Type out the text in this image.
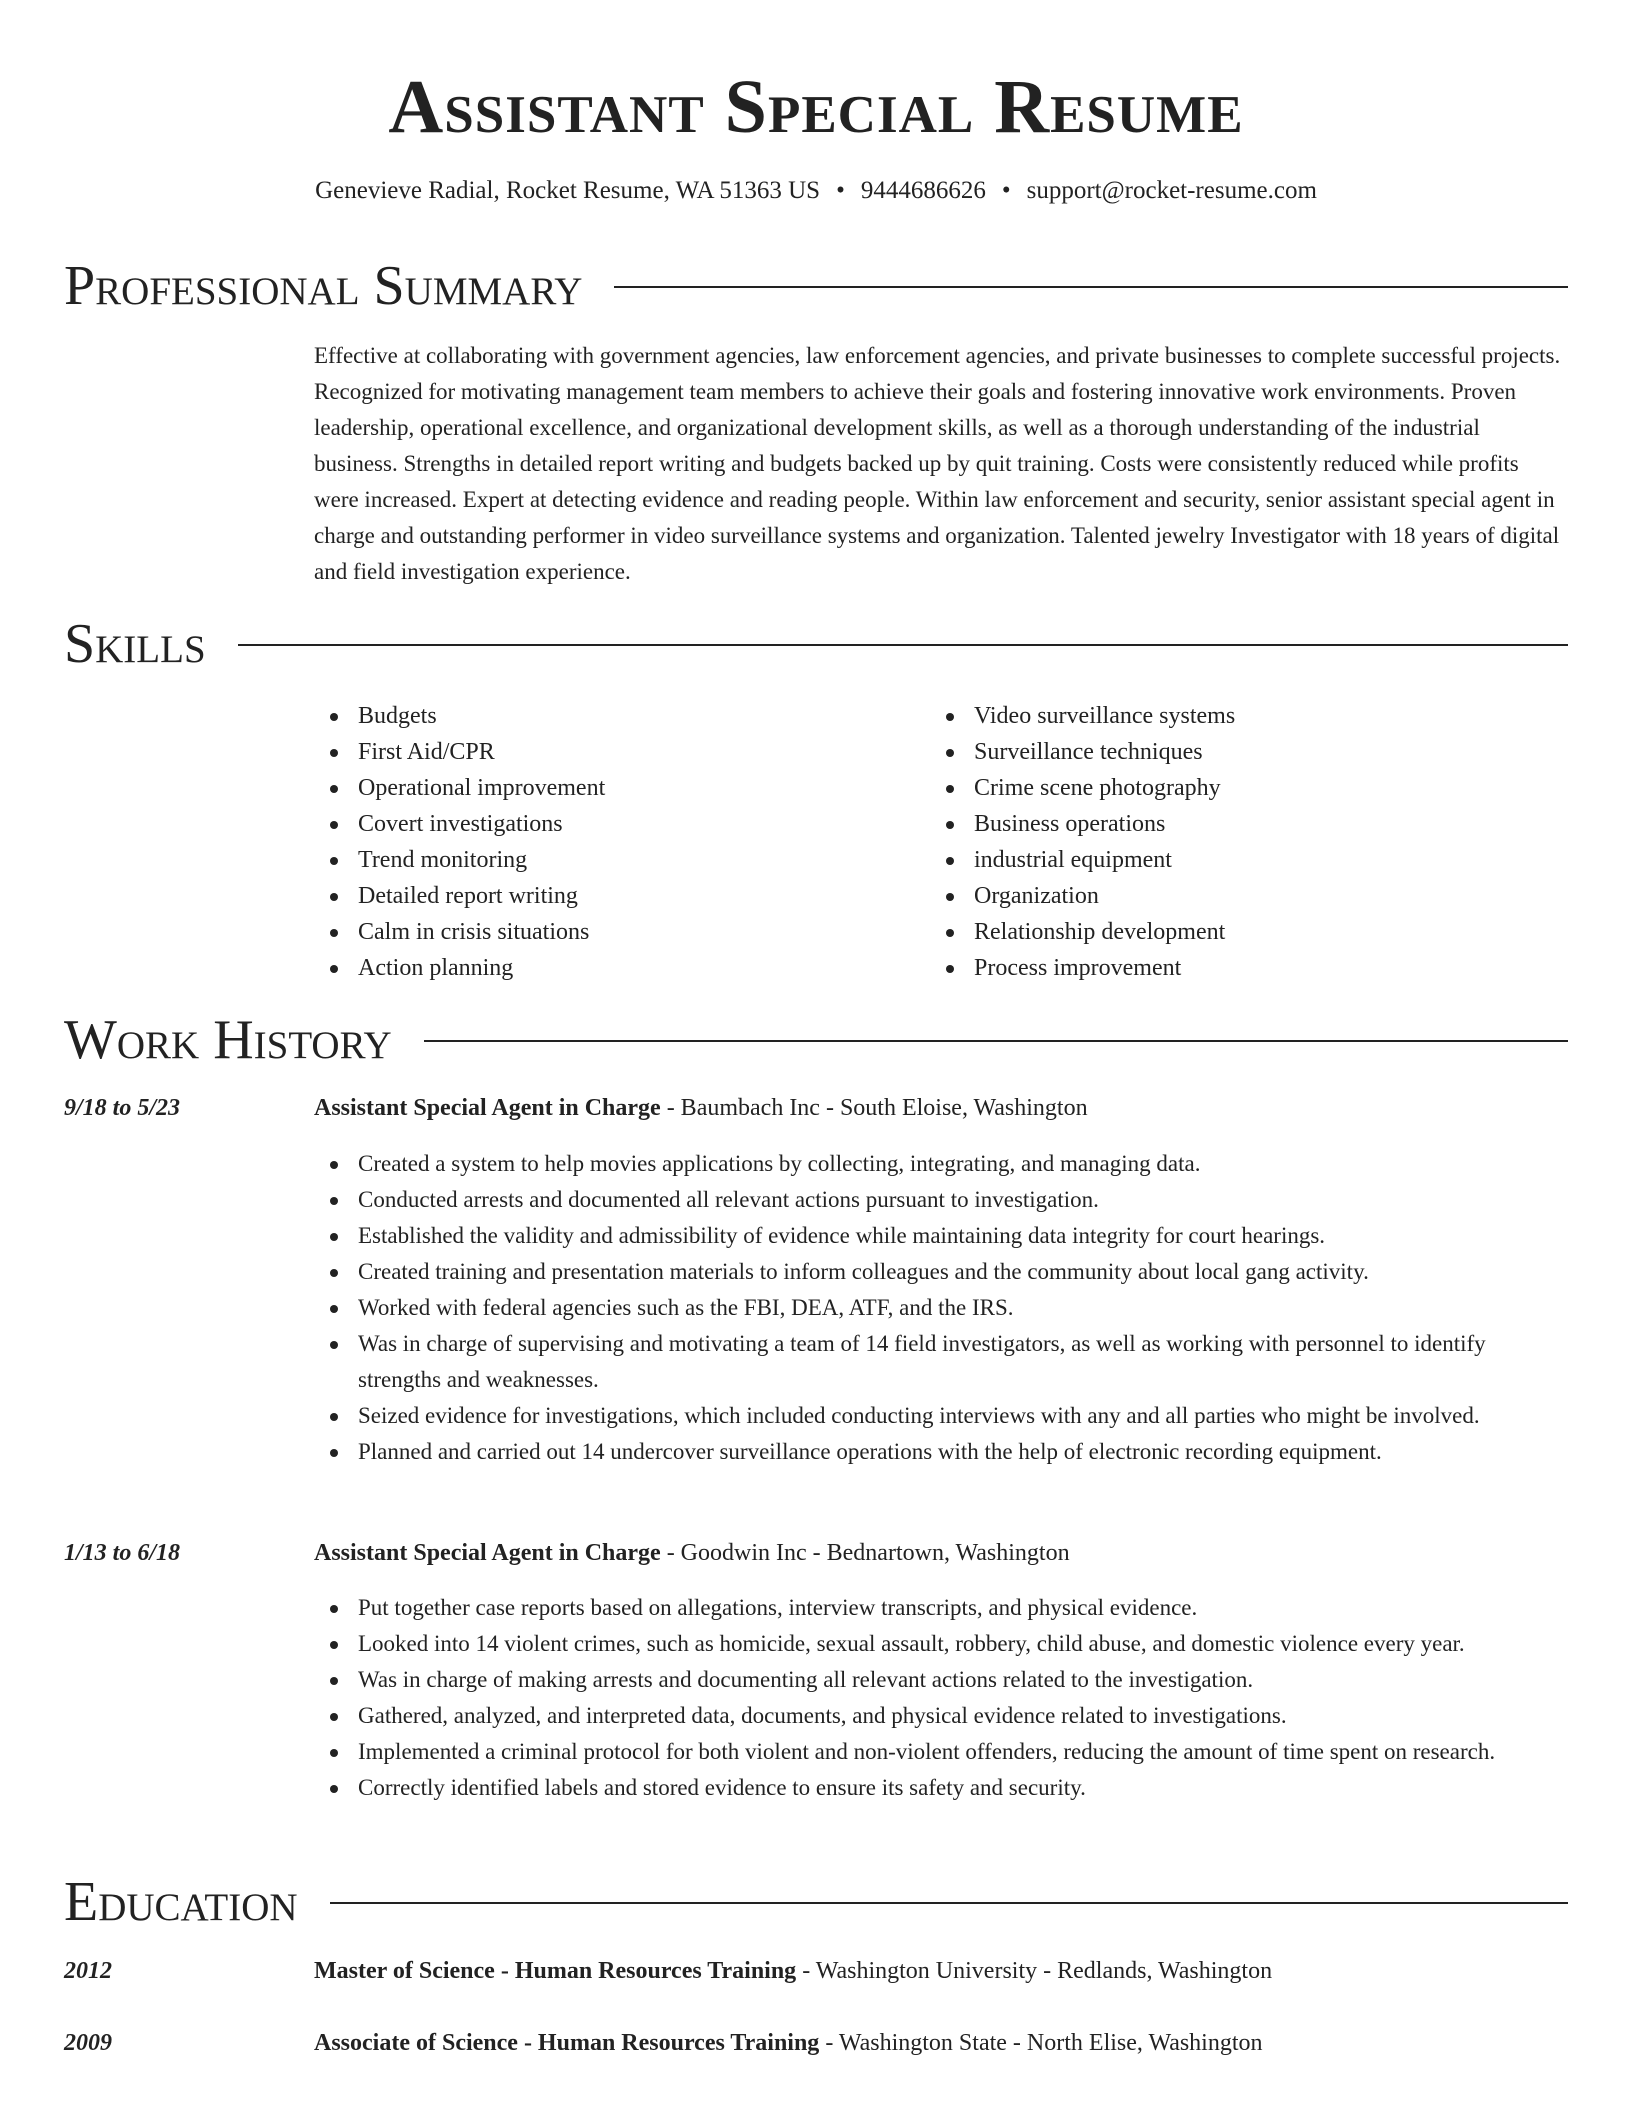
Assistant Special Resume
Genevieve Radial, Rocket Resume, WA 51363 US • 9444686626 • support@rocket-resume.com
Professional Summary

Effective at collaborating with government agencies, law enforcement agencies, and private businesses to complete successful projects. Recognized for motivating management team members to achieve their goals and fostering innovative work environments. Proven leadership, operational excellence, and organizational development skills, as well as a thorough understanding of the industrial business. Strengths in detailed report writing and budgets backed up by quit training. Costs were consistently reduced while profits were increased. Expert at detecting evidence and reading people. Within law enforcement and security, senior assistant special agent in charge and outstanding performer in video surveillance systems and organization. Talented jewelry Investigator with 18 years of digital and field investigation experience.

Skills
Budgets
First Aid/CPR
Operational improvement
Covert investigations
Trend monitoring
Detailed report writing
Calm in crisis situations
Action planning
Video surveillance systems
Surveillance techniques
Crime scene photography
Business operations
industrial equipment
Organization
Relationship development
Process improvement
Work History
9/18 to 5/23	Assistant Special Agent in Charge - Baumbach Inc - South Eloise, Washington
Created a system to help movies applications by collecting, integrating, and managing data.
Conducted arrests and documented all relevant actions pursuant to investigation.
Established the validity and admissibility of evidence while maintaining data integrity for court hearings.
Created training and presentation materials to inform colleagues and the community about local gang activity.
Worked with federal agencies such as the FBI, DEA, ATF, and the IRS.
Was in charge of supervising and motivating a team of 14 field investigators, as well as working with personnel to identify strengths and weaknesses.
Seized evidence for investigations, which included conducting interviews with any and all parties who might be involved.
Planned and carried out 14 undercover surveillance operations with the help of electronic recording equipment.
1/13 to 6/18	Assistant Special Agent in Charge - Goodwin Inc - Bednartown, Washington
Put together case reports based on allegations, interview transcripts, and physical evidence.
Looked into 14 violent crimes, such as homicide, sexual assault, robbery, child abuse, and domestic violence every year.
Was in charge of making arrests and documenting all relevant actions related to the investigation.
Gathered, analyzed, and interpreted data, documents, and physical evidence related to investigations.
Implemented a criminal protocol for both violent and non-violent offenders, reducing the amount of time spent on research.
Correctly identified labels and stored evidence to ensure its safety and security.
Education
2012	Master of Science - Human Resources Training - Washington University - Redlands, Washington
2009	Associate of Science - Human Resources Training - Washington State - North Elise, Washington
